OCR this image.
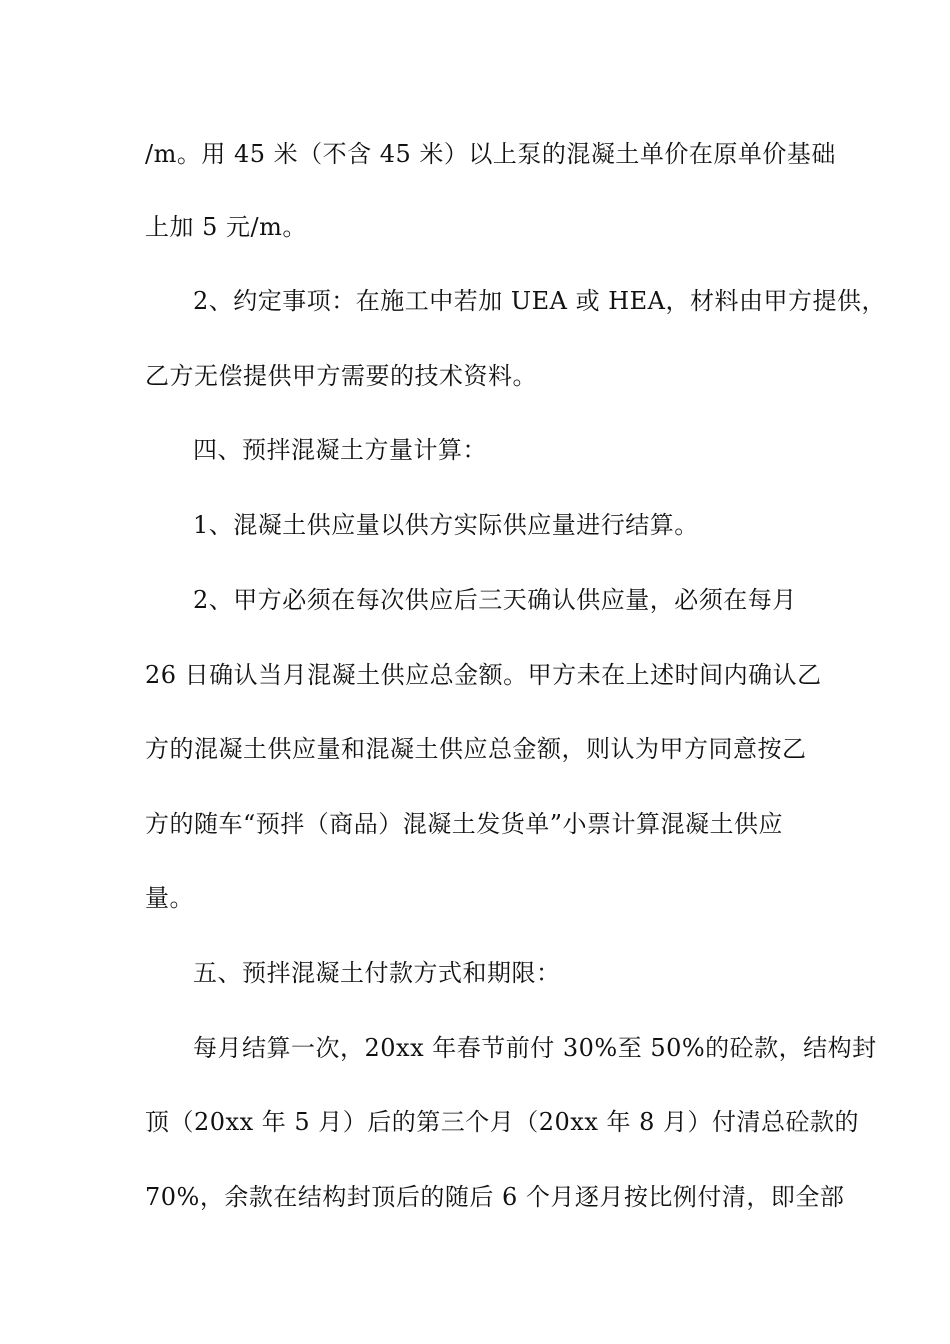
/m。用 45 米（不含 45 米）以上泵的混凝土单价在原单价基础
上加 5 元/m。
2、约定事项：在施工中若加 UEA 或 HEA，材料由甲方提供，
乙方无偿提供甲方需要的技术资料。
四、预拌混凝土方量计算：
1、混凝土供应量以供方实际供应量进行结算。
2、甲方必须在每次供应后三天确认供应量，必须在每月
26 日确认当月混凝土供应总金额。甲方未在上述时间内确认乙
方的混凝土供应量和混凝土供应总金额，则认为甲方同意按乙
方的随车“预拌（商品）混凝土发货单”小票计算混凝土供应
量。
五、预拌混凝土付款方式和期限：
每月结算一次，20xx 年春节前付 30%至 50%的砼款，结构封
顶（20xx 年 5 月）后的第三个月（20xx 年 8 月）付清总砼款的
70%，余款在结构封顶后的随后 6 个月逐月按比例付清，即全部
